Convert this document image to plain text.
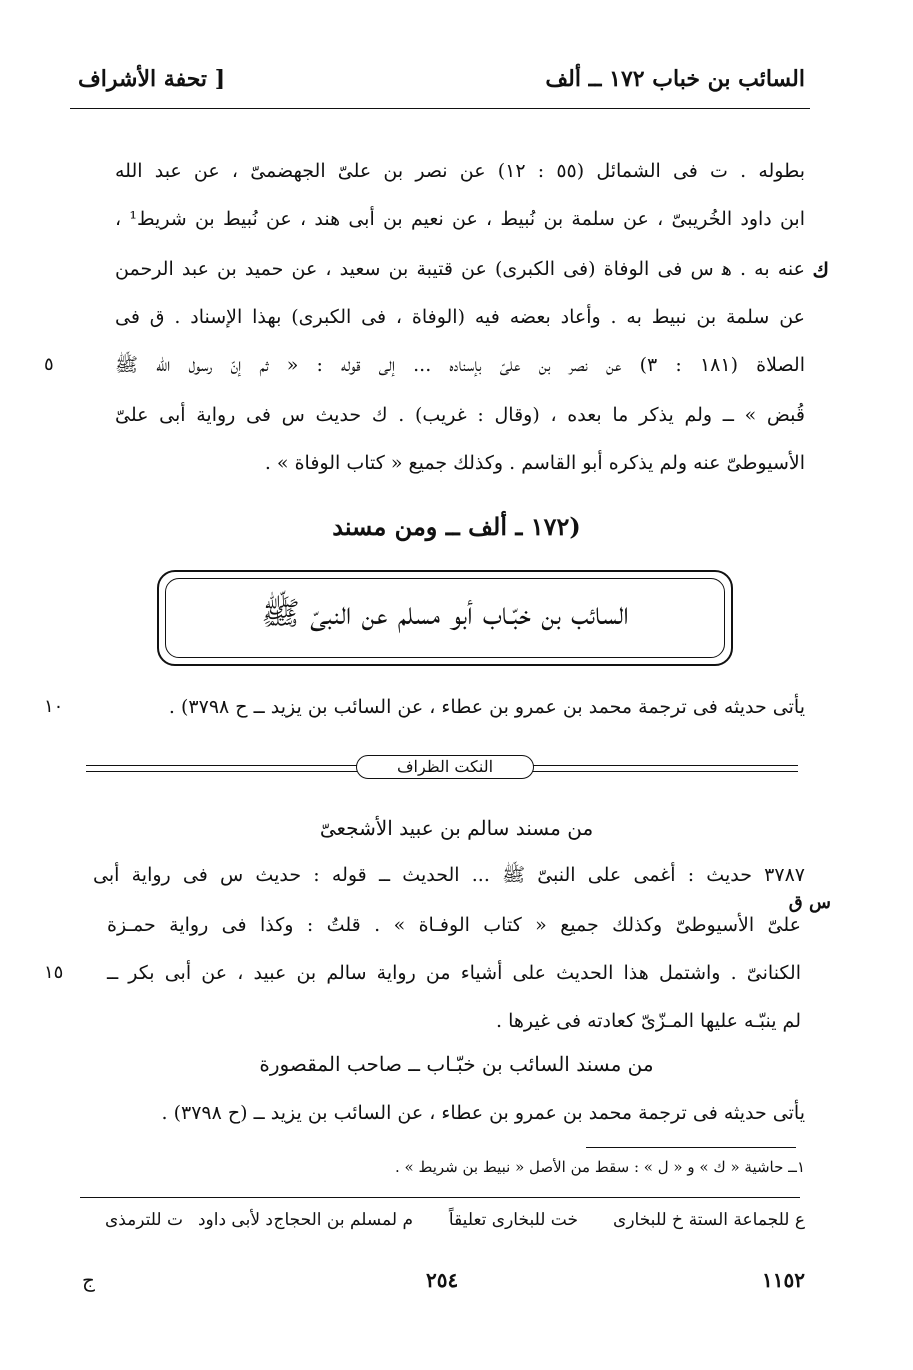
السائب بن خباب ١٧٢ ــ ألف
[ تحفة الأشراف
بطوله . ت فى الشمائل (٥٥ : ١٢) عن نصر بن علىّ الجهضمىّ ، عن عبد الله
ابن داود الخُريبىّ ، عن سلمة بن نُبيط ، عن نعيم بن أبى هند ، عن نُبيط بن شريط¹ ،
عنه به . ﻫ س فى الوفاة (فى الكبرى) عن قتيبة بن سعيد ، عن حميد بن عبد الرحمن
عن سلمة بن نبيط به . وأعاد بعضه فيه (الوفاة ، فى الكبرى) بهذا الإسناد . ق فى
الصلاة (١٨١ : ٣) عن نصر بن علىّ بإسناده ... إلى قوله : « ثم إنّ رسول الله ﷺ
قُبض » ــ ولم يذكر ما بعده ، (وقال : غريب) . ك حديث س فى رواية أبى علىّ
الأسيوطىّ عنه ولم يذكره أبو القاسم . وكذلك جميع « كتاب الوفاة » .
ك
٥
(١٧٢ ـ ألف ــ ومن مسند
السائب بن خبّـاب أبو مسلم عن النبىّ ﷺ
يأتى حديثه فى ترجمة محمد بن عمرو بن عطاء ، عن السائب بن يزيد ــ ح ٣٧٩٨) .
١٠
النكت الظراف
من مسند سالم بن عبيد الأشجعىّ
٣٧٨٧ حديث : أغمى على النبىّ ﷺ ... الحديث ــ قوله : حديث س فى رواية أبى
علىّ الأسيوطىّ وكذلك جميع « كتاب الوفـاة » . قلتُ : وكذا فى رواية حمـزة
الكنانىّ . واشتمل هذا الحديث على أشياء من رواية سالم بن عبيد ، عن أبى بكر ــ
لم ينبّـه عليها المـزّىّ كعادته فى غيرها .
س ق
١٥
من مسند السائب بن خبّـاب ــ صاحب المقصورة
يأتى حديثه فى ترجمة محمد بن عمرو بن عطاء ، عن السائب بن يزيد ــ (ح ٣٧٩٨) .
١ــ حاشية « ك » و « ل » : سقط من الأصل « نبيط بن شريط » .
ع للجماعة الستة
خ للبخارى
خت للبخارى تعليقاً
م لمسلم بن الحجاج
د لأبى داود
ت للترمذى
١١٥٢
٢٥٤
ج
